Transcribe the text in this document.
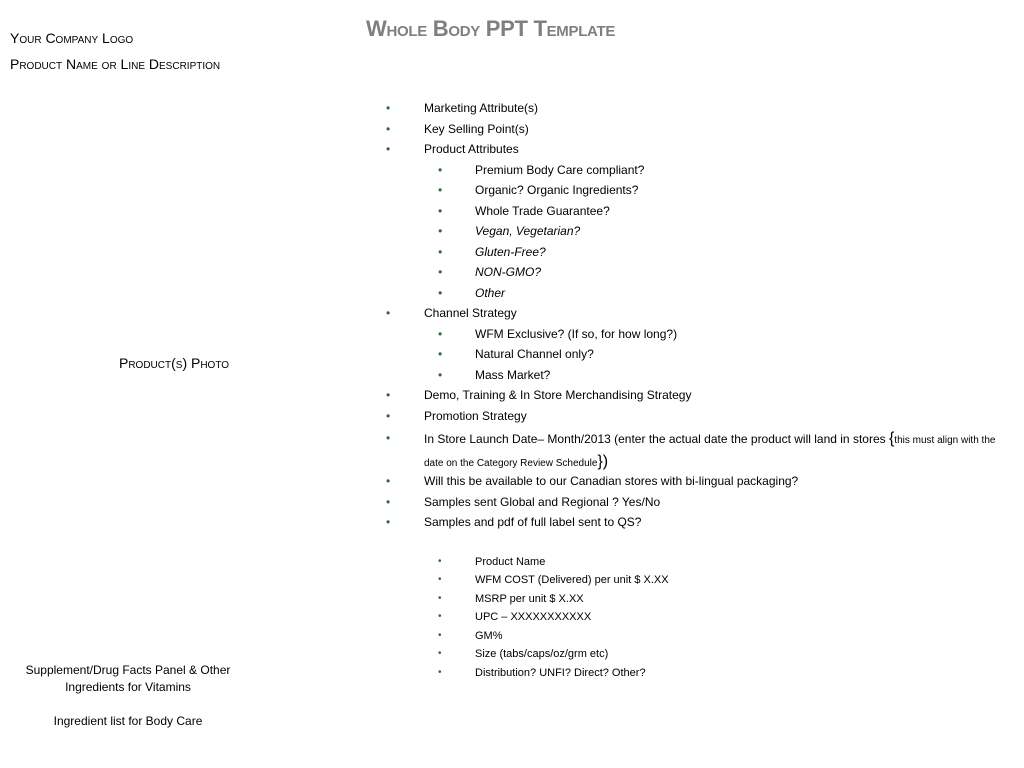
Whole Body PPT Template
Your Company Logo
Product Name or Line Description
Product(s) Photo
Supplement/Drug Facts Panel & Other Ingredients for Vitamins
Ingredient list for Body Care
•	Marketing Attribute(s)
•	Key Selling Point(s)
•	Product Attributes
•	Premium Body Care compliant?
•	Organic? Organic Ingredients?
•	Whole Trade Guarantee?
•	Vegan, Vegetarian?
•	Gluten-Free?
•	NON-GMO?
•	Other
•	Channel Strategy
•	WFM Exclusive? (If so, for how long?)
•	Natural Channel only?
•	Mass Market?
•	Demo, Training & In Store Merchandising Strategy
•	Promotion Strategy
•	In Store Launch Date– Month/2013 (enter the actual date the product will land in stores {this must align with the date on the Category Review Schedule})
•	Will this be available to our Canadian stores with bi-lingual packaging?
•	Samples sent Global and Regional ? Yes/No
•	Samples and pdf of full label sent to QS?
•	Product Name
•	WFM COST (Delivered) per unit $ X.XX
•	MSRP per unit $ X.XX
•	UPC – XXXXXXXXXXX
•	GM%
•	Size (tabs/caps/oz/grm etc)
•	Distribution? UNFI? Direct? Other?
